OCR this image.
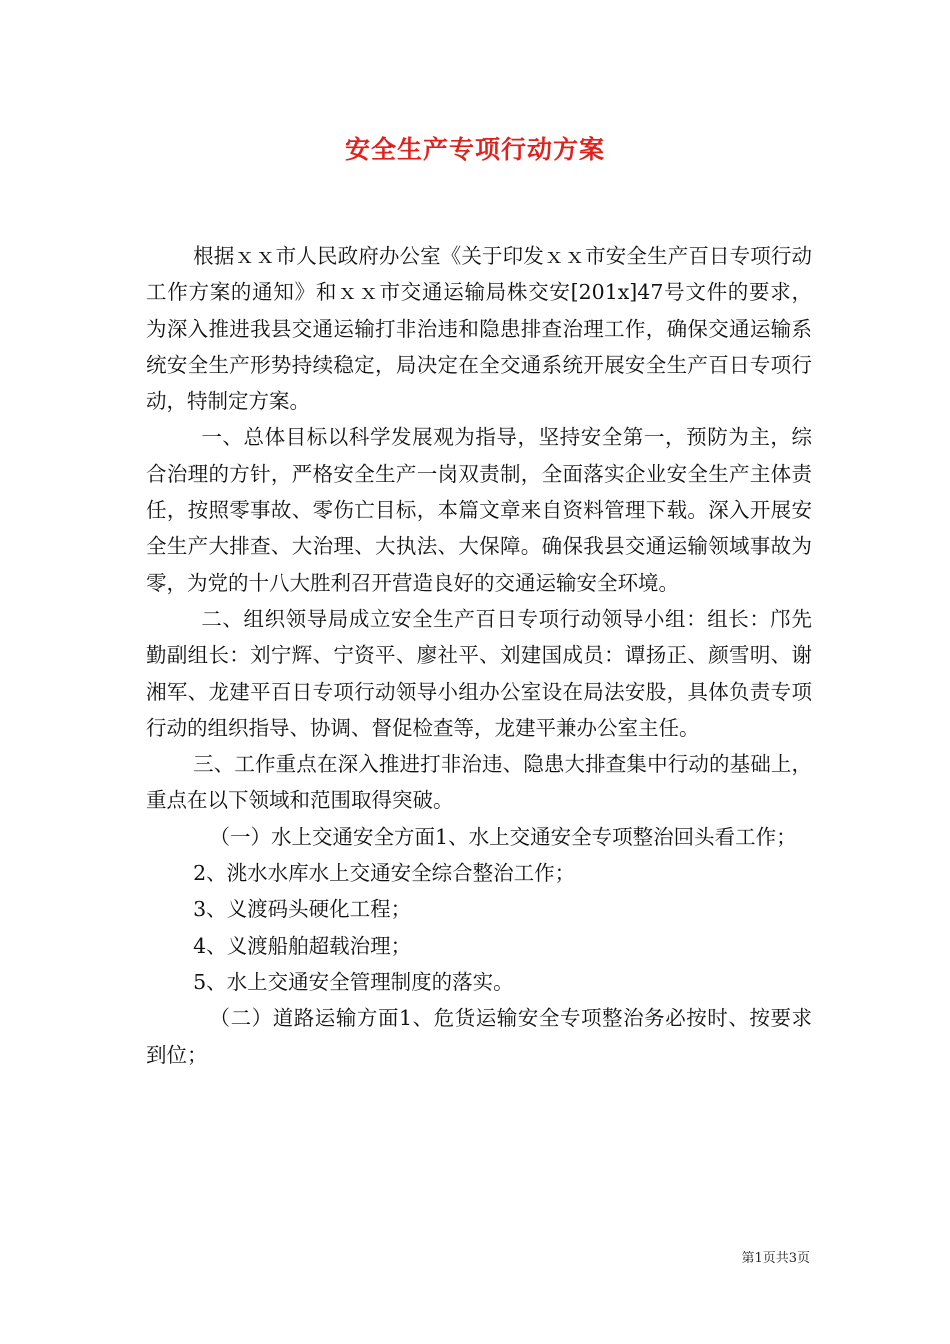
安全生产专项行动方案

根据ｘｘ市人民政府办公室《关于印发ｘｘ市安全生产百日专项行动工作方案的通知》和ｘｘ市交通运输局株交安[201x]47号文件的要求，为深入推进我县交通运输打非治违和隐患排查治理工作，确保交通运输系统安全生产形势持续稳定，局决定在全交通系统开展安全生产百日专项行动，特制定方案。

一、总体目标以科学发展观为指导，坚持安全第一，预防为主，综合治理的方针，严格安全生产一岗双责制，全面落实企业安全生产主体责任，按照零事故、零伤亡目标，本篇文章来自资料管理下载。深入开展安全生产大排查、大治理、大执法、大保障。确保我县交通运输领域事故为零，为党的十八大胜利召开营造良好的交通运输安全环境。

二、组织领导局成立安全生产百日专项行动领导小组：组长：邝先勤副组长：刘宁辉、宁资平、廖社平、刘建国成员：谭扬正、颜雪明、谢湘军、龙建平百日专项行动领导小组办公室设在局法安股，具体负责专项行动的组织指导、协调、督促检查等，龙建平兼办公室主任。

三、工作重点在深入推进打非治违、隐患大排查集中行动的基础上，重点在以下领域和范围取得突破。

（一）水上交通安全方面1、水上交通安全专项整治回头看工作；

2、洮水水库水上交通安全综合整治工作；

3、义渡码头硬化工程；

4、义渡船舶超载治理；

5、水上交通安全管理制度的落实。

（二）道路运输方面1、危货运输安全专项整治务必按时、按要求到位；

第1页共3页
